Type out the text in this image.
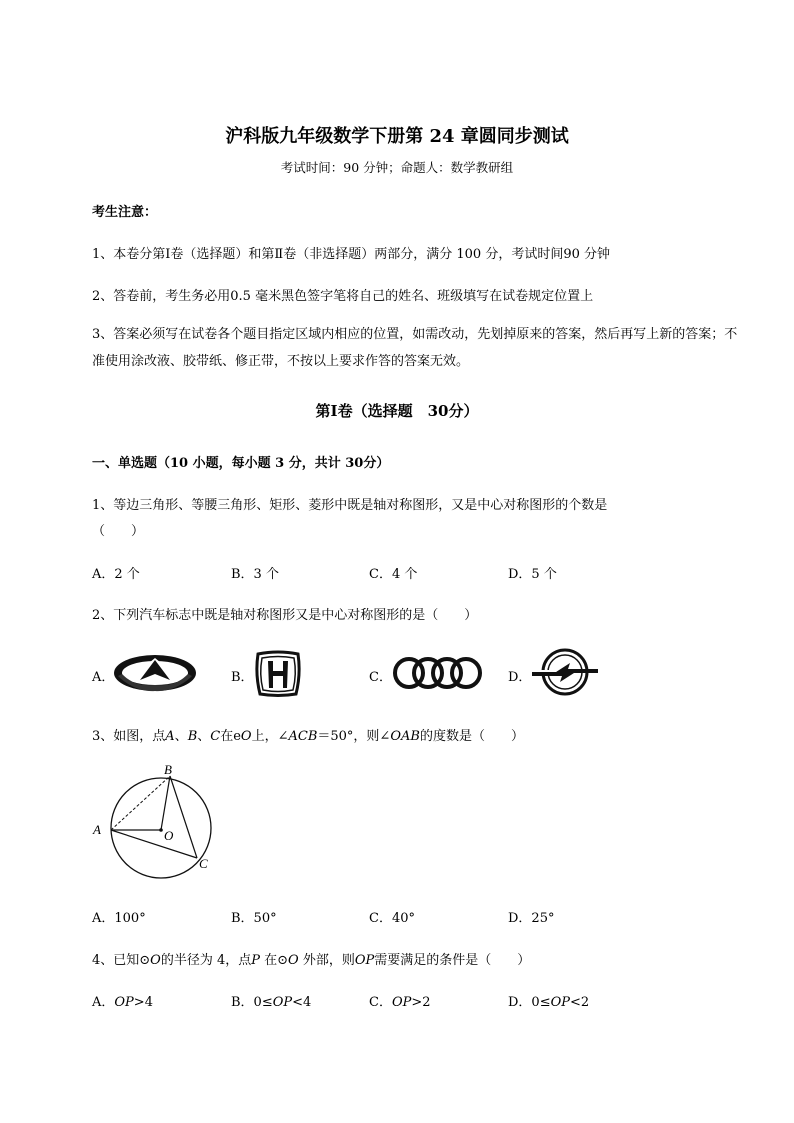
沪科版九年级数学下册第 24 章圆同步测试
考试时间：90 分钟；命题人：数学教研组
考生注意：
1、本卷分第Ⅰ卷（选择题）和第Ⅱ卷（非选择题）两部分，满分 100 分，考试时间90 分钟
2、答卷前，考生务必用0.5 毫米黑色签字笔将自己的姓名、班级填写在试卷规定位置上
3、答案必须写在试卷各个题目指定区域内相应的位置，如需改动，先划掉原来的答案，然后再写上新的答案；不准使用涂改液、胶带纸、修正带，不按以上要求作答的答案无效。
第Ⅰ卷（选择题　30分）
一、单选题（10 小题，每小题 3 分，共计 30分）
1、等边三角形、等腰三角形、矩形、菱形中既是轴对称图形，又是中心对称图形的个数是
（　　）
A．2 个	B．3 个	C．4 个	D．5 个
2、下列汽车标志中既是轴对称图形又是中心对称图形的是（　　）
A．	B．	C．	D．
3、如图，点A、B、C在eO上，∠ACB＝50°，则∠OAB的度数是（　　）
A
B
C
O
A．100°	B．50°	C．40°	D．25°
4、已知⊙O的半径为 4，点P 在⊙O 外部，则OP需要满足的条件是（　　）
A．OP>4	B．0≤OP<4	C．OP>2	D．0≤OP<2
